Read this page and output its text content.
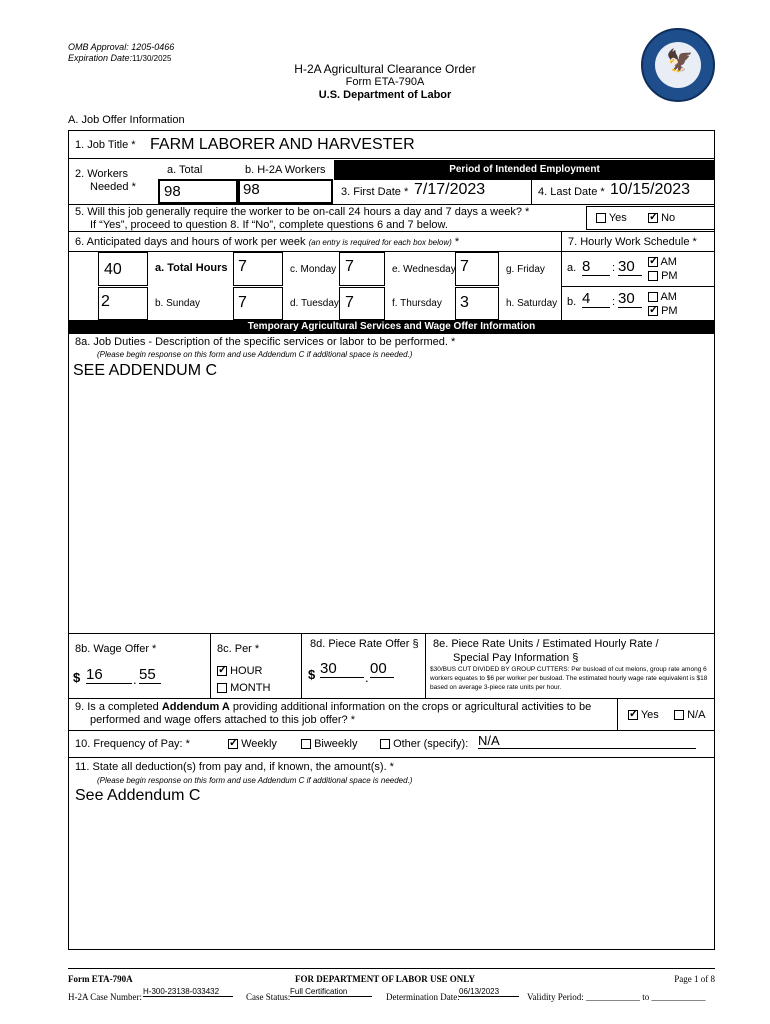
OMB Approval: 1205-0466
Expiration Date: 11/30/2025
H-2A Agricultural Clearance Order
Form ETA-790A
U.S. Department of Labor
🦅
A. Job Offer Information
1. Job Title * FARM LABORER AND HARVESTER
2. Workers
Needed *
a. Total	b. H-2A Workers
98	98
Period of Intended Employment
3. First Date * 7/17/2023	4. Last Date * 10/15/2023
5. Will this job generally require the worker to be on-call 24 hours a day and 7 days a week? *
If “Yes”, proceed to question 8. If “No”, complete questions 6 and 7 below.
Yes ✓	No
6. Anticipated days and hours of work per week (an entry is required for each box below) *	7. Hourly Work Schedule *
40	a. Total Hours 7	c. Monday 7	e. Wednesday 7	g. Friday
2	b. Sunday 7	d. Tuesday 7	f. Thursday 3	h. Saturday
a. 8	: 30 ✓	AM
PM
b. 4	: 30	AM
✓ PM
Temporary Agricultural Services and Wage Offer Information
8a. Job Duties - Description of the specific services or labor to be performed. *
(Please begin response on this form and use Addendum C if additional space is needed.)
SEE ADDENDUM C
8b. Wage Offer *
$ 16	. 55
8c. Per *
✓ HOUR
MONTH
8d. Piece Rate Offer §
$ 30
.
00
8e. Piece Rate Units / Estimated Hourly Rate /
Special Pay Information §
$30/BUS CUT DIVIDED BY GROUP CUTTERS: Per busload of cut melons, group rate among 6 workers equates to $6 per worker per busload. The estimated hourly wage rate equivalent is $18 based on average 3-piece rate units per hour.
9. Is a completed Addendum A providing additional information on the crops or agricultural activities to be
performed and wage offers attached to this job offer? * ✓	Yes	N/A
10. Frequency of Pay: * ✓	Weekly	Biweekly	Other (specify): N/A
11. State all deduction(s) from pay and, if known, the amount(s). *
(Please begin response on this form and use Addendum C if additional space is needed.)
See Addendum C
Form ETA-790A	FOR DEPARTMENT OF LABOR USE ONLY	Page 1 of 8
H-2A Case Number:
H-300-23138-033432
Case Status:
Full Certification
Determination Date:
06/13/2023
Validity Period: ____________ to ____________
